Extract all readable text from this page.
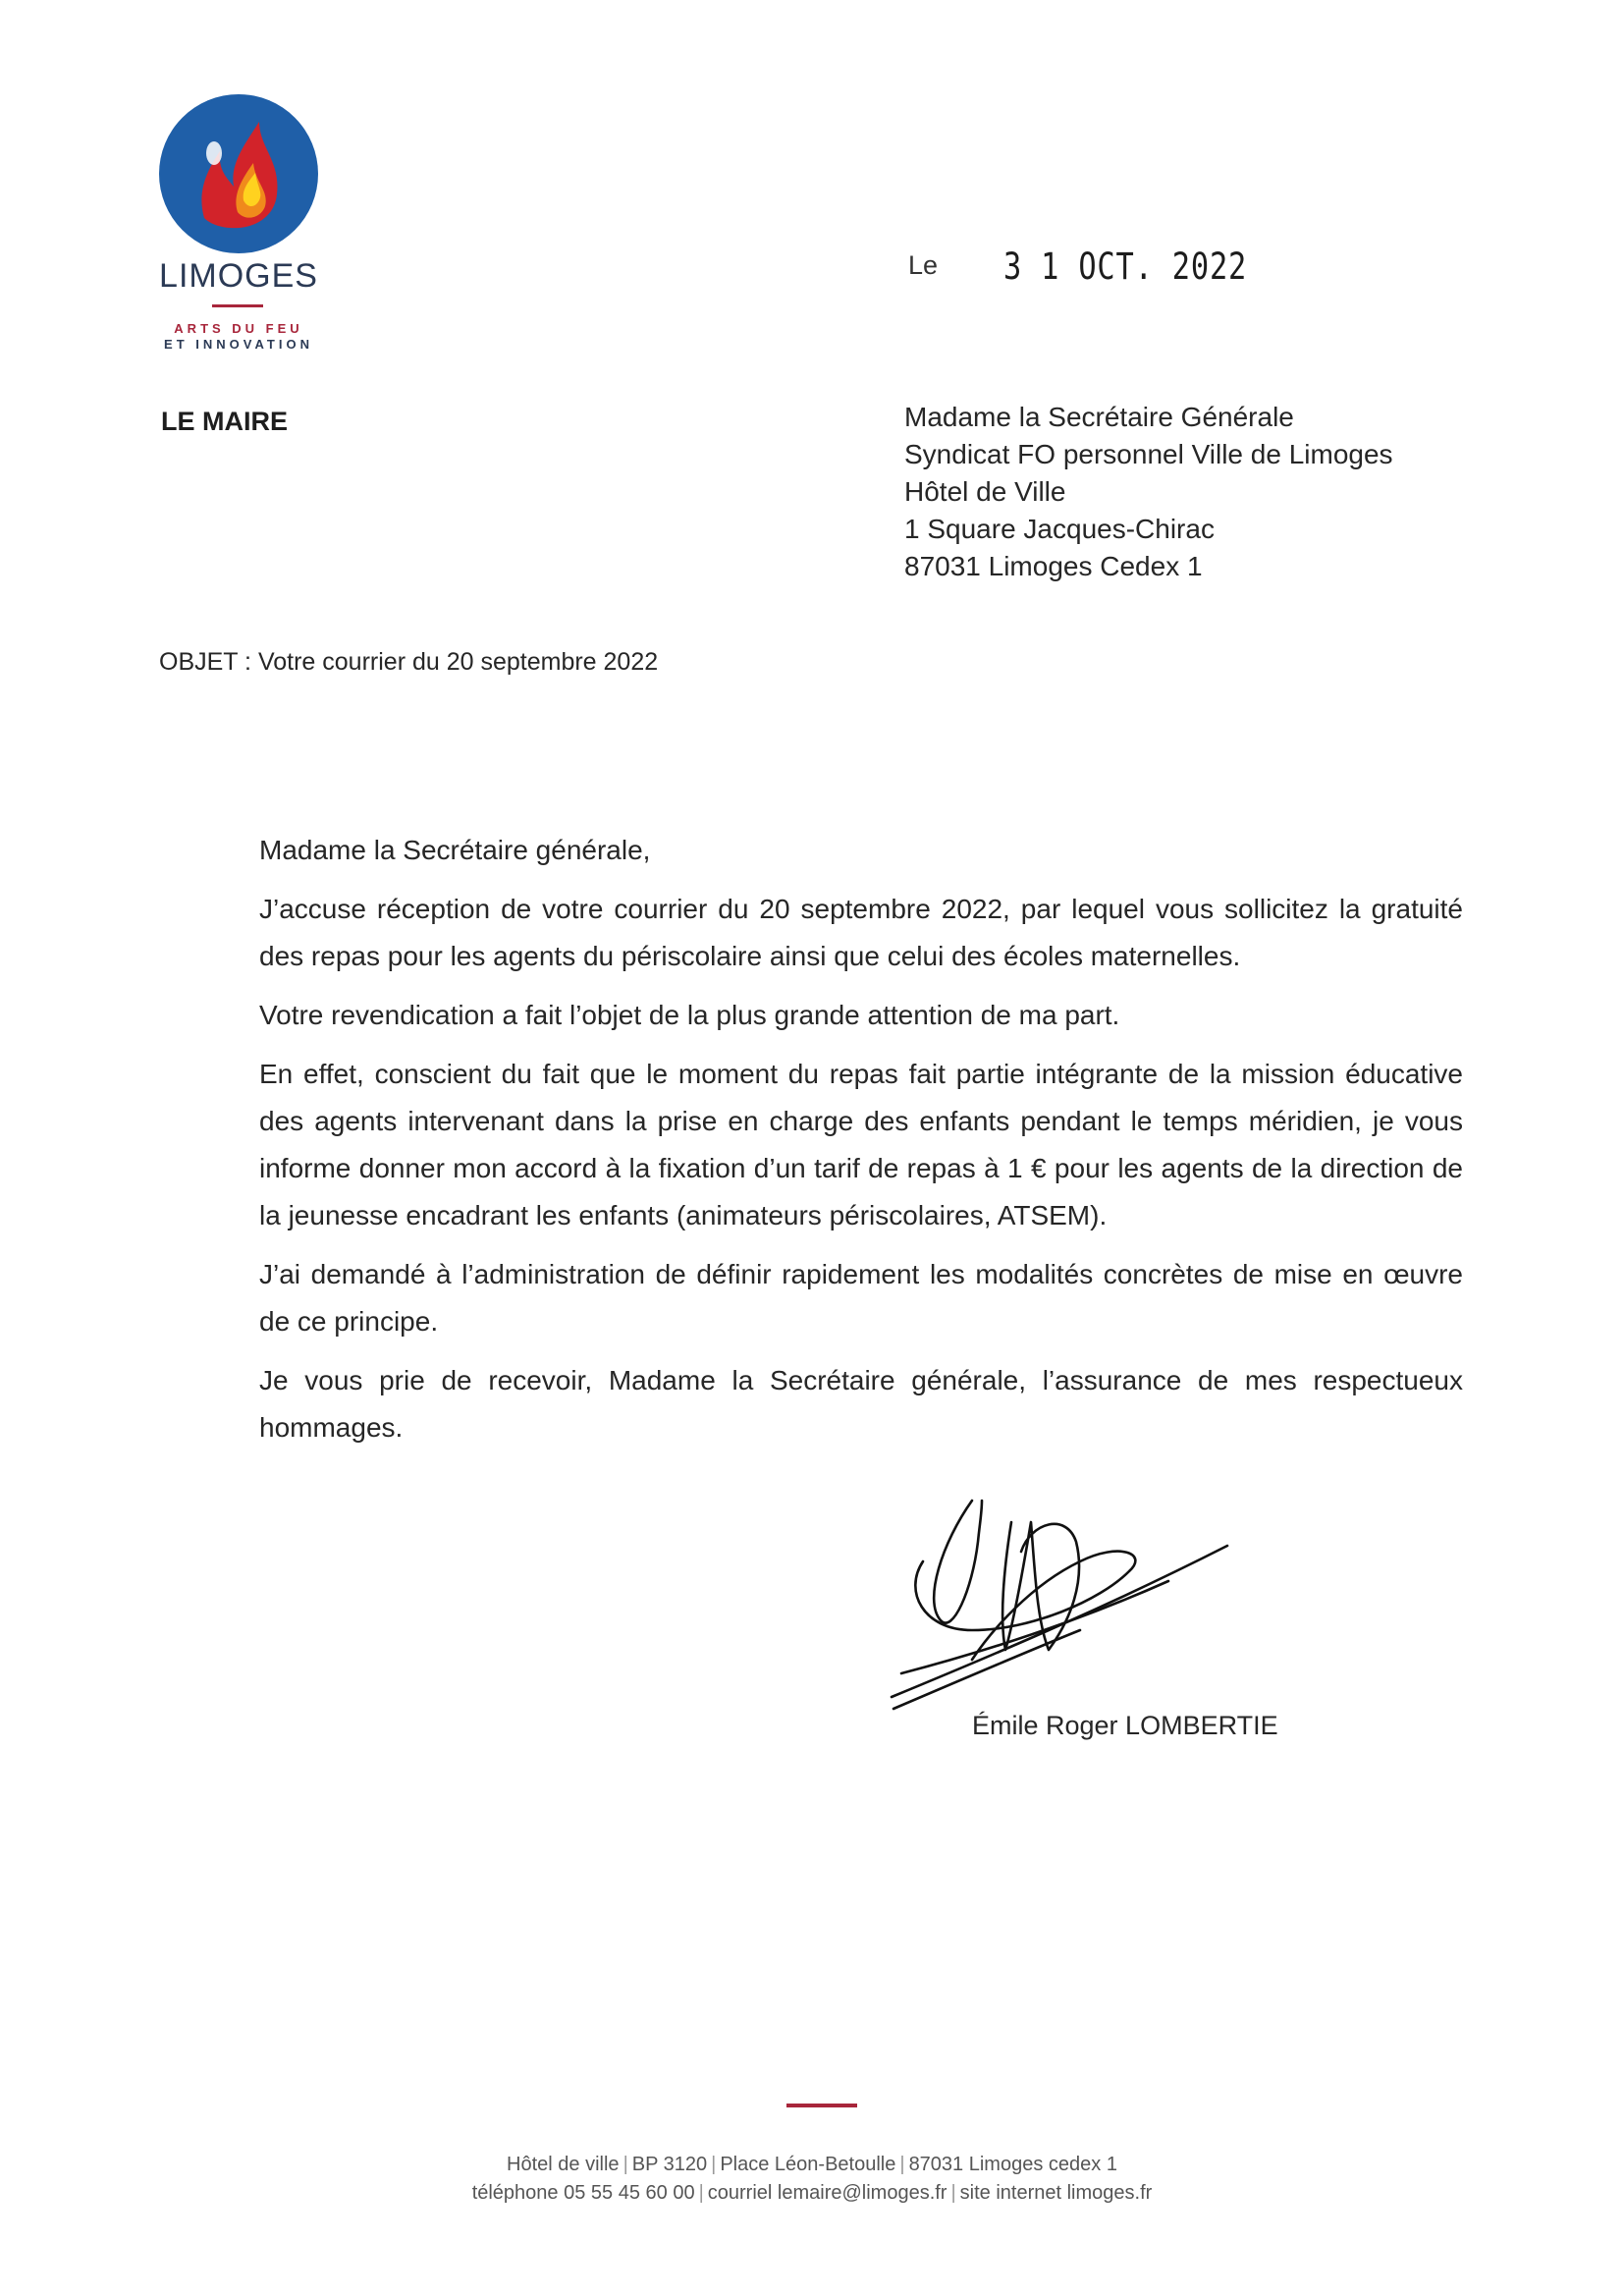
LIMOGES
ARTS DU FEU
ET INNOVATION
LE MAIRE
Le 3 1 OCT. 2022
Madame la Secrétaire Générale
Syndicat FO personnel Ville de Limoges
Hôtel de Ville
1 Square Jacques-Chirac
87031 Limoges Cedex 1
OBJET : Votre courrier du 20 septembre 2022

Madame la Secrétaire générale,

J’accuse réception de votre courrier du 20 septembre 2022, par lequel vous sollicitez la gratuité des repas pour les agents du périscolaire ainsi que celui des écoles maternelles.

Votre revendication a fait l’objet de la plus grande attention de ma part.

En effet, conscient du fait que le moment du repas fait partie intégrante de la mission éducative des agents intervenant dans la prise en charge des enfants pendant le temps méridien, je vous informe donner mon accord à la fixation d’un tarif de repas à 1 € pour les agents de la direction de la jeunesse encadrant les enfants (animateurs périscolaires, ATSEM).

J’ai demandé à l’administration de définir rapidement les modalités concrètes de mise en œuvre de ce principe.

Je vous prie de recevoir, Madame la Secrétaire générale, l’assurance de mes respectueux hommages.

Émile Roger LOMBERTIE
Hôtel de ville | BP 3120 | Place Léon-Betoulle | 87031 Limoges cedex 1
téléphone 05 55 45 60 00 | courriel lemaire@limoges.fr | site internet limoges.fr
